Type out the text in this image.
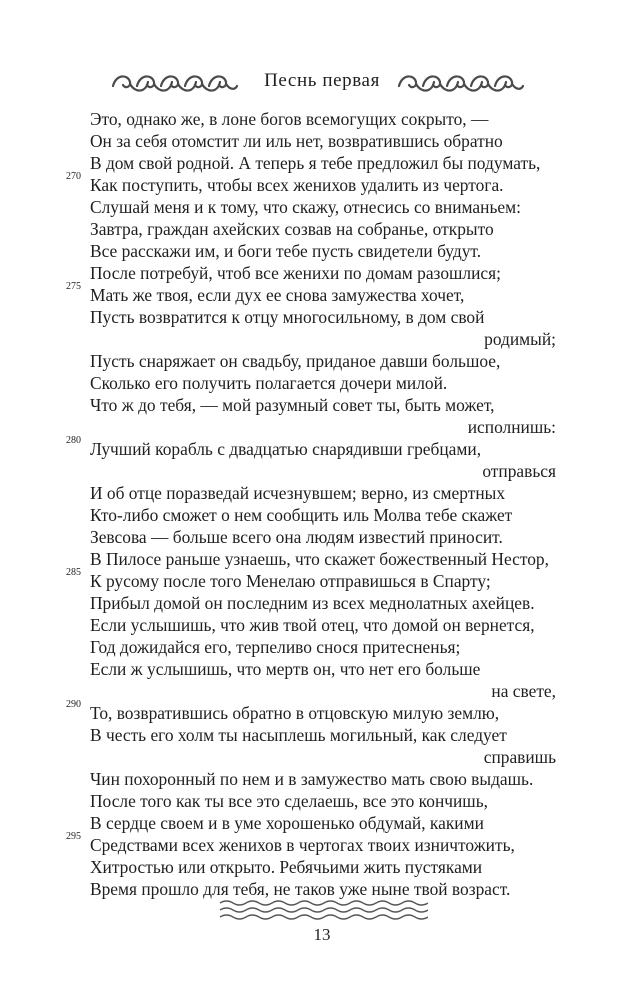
Песнь первая
Это, однако же, в лоне богов всемогущих сокрыто, —
Он за себя отомстит ли иль нет, возвратившись обратно
В дом свой родной. А теперь я тебе предложил бы подумать,
270 Как поступить, чтобы всех женихов удалить из чертога.
Слушай меня и к тому, что скажу, отнесись со вниманьем:
Завтра, граждан ахейских созвав на собранье, открыто
Все расскажи им, и боги тебе пусть свидетели будут.
После потребуй, чтоб все женихи по домам разошлися;
275 Мать же твоя, если дух ее снова замужества хочет,
Пусть возвратится к отцу многосильному, в дом свой
родимый;
Пусть снаряжает он свадьбу, приданое давши большое,
Сколько его получить полагается дочери милой.
Что ж до тебя, — мой разумный совет ты, быть может,
исполнишь:
280 Лучший корабль с двадцатью снарядивши гребцами,
отправься
И об отце поразведай исчезнувшем; верно, из смертных
Кто-либо сможет о нем сообщить иль Молва тебе скажет
Зевсова — больше всего она людям известий приносит.
В Пилосе раньше узнаешь, что скажет божественный Нестор,
285 К русому после того Менелаю отправишься в Спарту;
Прибыл домой он последним из всех меднолатных ахейцев.
Если услышишь, что жив твой отец, что домой он вернется,
Год дожидайся его, терпеливо снося притесненья;
Если ж услышишь, что мертв он, что нет его больше
на свете,
290 То, возвратившись обратно в отцовскую милую землю,
В честь его холм ты насыплешь могильный, как следует
справишь
Чин похоронный по нем и в замужество мать свою выдашь.
После того как ты все это сделаешь, все это кончишь,
В сердце своем и в уме хорошенько обдумай, какими
295 Средствами всех женихов в чертогах твоих изничтожить,
Хитростью или открыто. Ребячьими жить пустяками
Время прошло для тебя, не таков уже ныне твой возраст.
13
